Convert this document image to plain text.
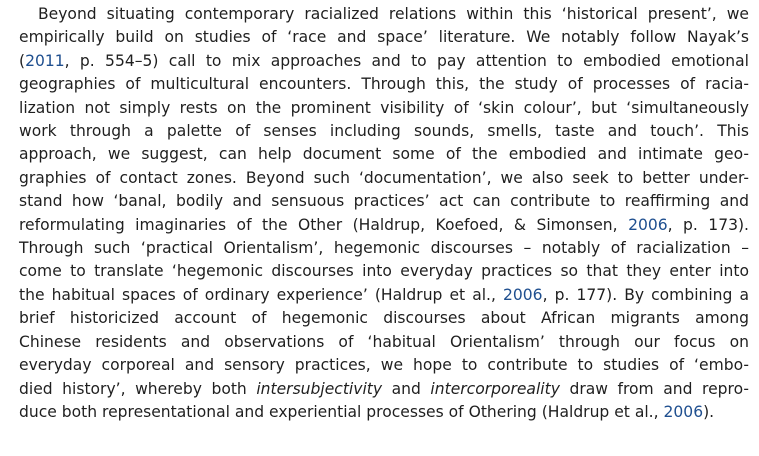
Beyond situating contemporary racialized relations within this ‘historical present’, we
empirically build on studies of ‘race and space’ literature. We notably follow Nayak’s
(2011, p. 554–5) call to mix approaches and to pay attention to embodied emotional
geographies of multicultural encounters. Through this, the study of processes of racia-
lization not simply rests on the prominent visibility of ‘skin colour’, but ‘simultaneously
work through a palette of senses including sounds, smells, taste and touch’. This
approach, we suggest, can help document some of the embodied and intimate geo-
graphies of contact zones. Beyond such ‘documentation’, we also seek to better under-
stand how ‘banal, bodily and sensuous practices’ act can contribute to reaffirming and
reformulating imaginaries of the Other (Haldrup, Koefoed, & Simonsen, 2006, p. 173).
Through such ‘practical Orientalism’, hegemonic discourses – notably of racialization –
come to translate ‘hegemonic discourses into everyday practices so that they enter into
the habitual spaces of ordinary experience’ (Haldrup et al., 2006, p. 177). By combining a
brief historicized account of hegemonic discourses about African migrants among
Chinese residents and observations of ‘habitual Orientalism’ through our focus on
everyday corporeal and sensory practices, we hope to contribute to studies of ‘embo-
died history’, whereby both intersubjectivity and intercorporeality draw from and repro-
duce both representational and experiential processes of Othering (Haldrup et al., 2006).
